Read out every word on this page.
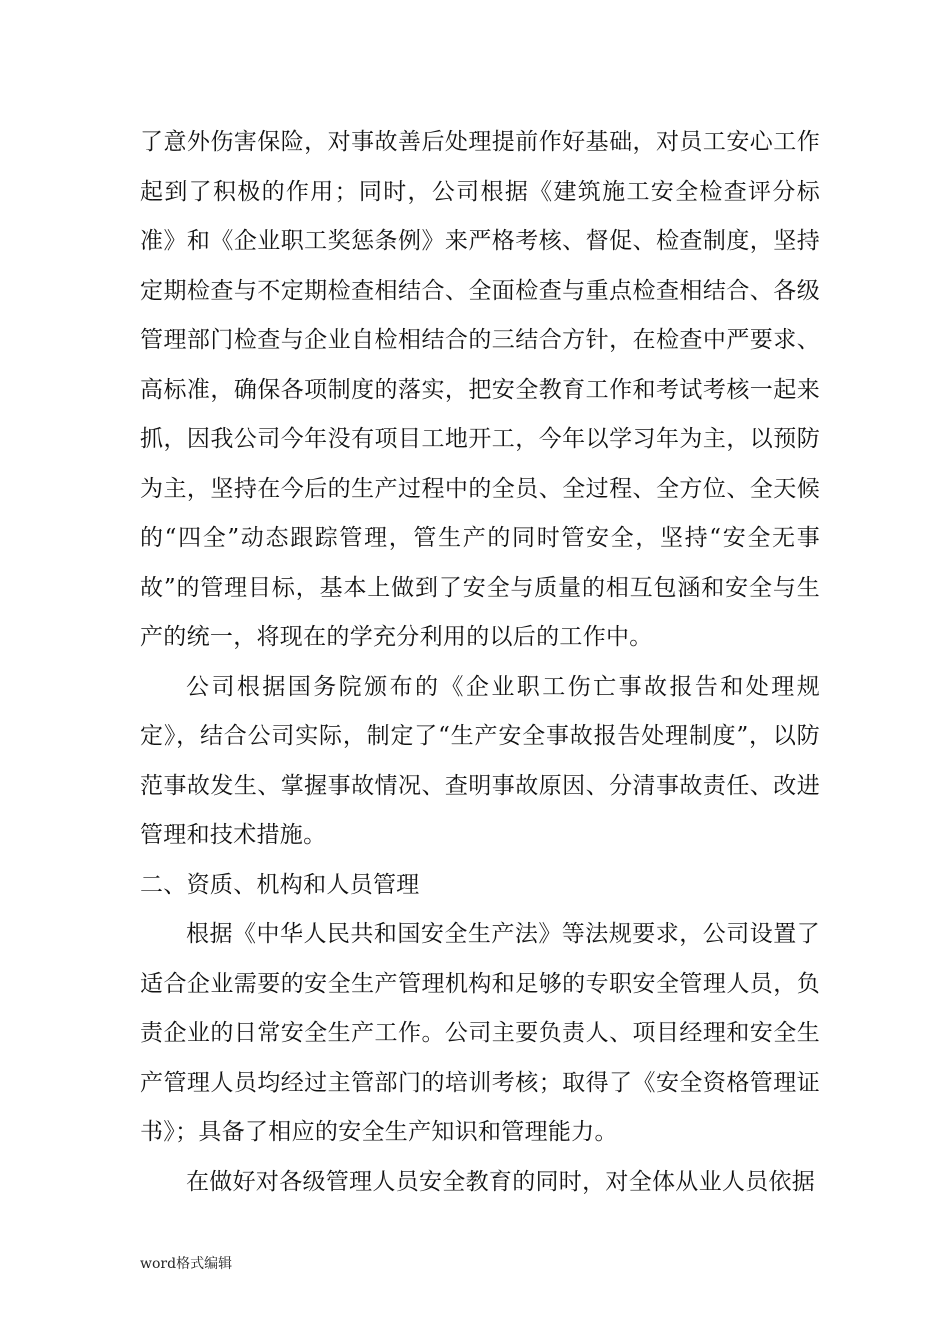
了意外伤害保险，对事故善后处理提前作好基础，对员工安心工作起到了积极的作用；同时，公司根据《建筑施工安全检查评分标准》和《企业职工奖惩条例》来严格考核、督促、检查制度，坚持定期检查与不定期检查相结合、全面检查与重点检查相结合、各级管理部门检查与企业自检相结合的三结合方针，在检查中严要求、高标准，确保各项制度的落实，把安全教育工作和考试考核一起来抓，因我公司今年没有项目工地开工，今年以学习年为主，以预防为主，坚持在今后的生产过程中的全员、全过程、全方位、全天候的“四全”动态跟踪管理，管生产的同时管安全，坚持“安全无事故”的管理目标，基本上做到了安全与质量的相互包涵和安全与生产的统一，将现在的学充分利用的以后的工作中。

公司根据国务院颁布的《企业职工伤亡事故报告和处理规定》，结合公司实际，制定了“生产安全事故报告处理制度”，以防范事故发生、掌握事故情况、查明事故原因、分清事故责任、改进管理和技术措施。

二、资质、机构和人员管理

根据《中华人民共和国安全生产法》等法规要求，公司设置了适合企业需要的安全生产管理机构和足够的专职安全管理人员，负责企业的日常安全生产工作。公司主要负责人、项目经理和安全生产管理人员均经过主管部门的培训考核；取得了《安全资格管理证书》；具备了相应的安全生产知识和管理能力。

在做好对各级管理人员安全教育的同时，对全体从业人员依据

word格式编辑
